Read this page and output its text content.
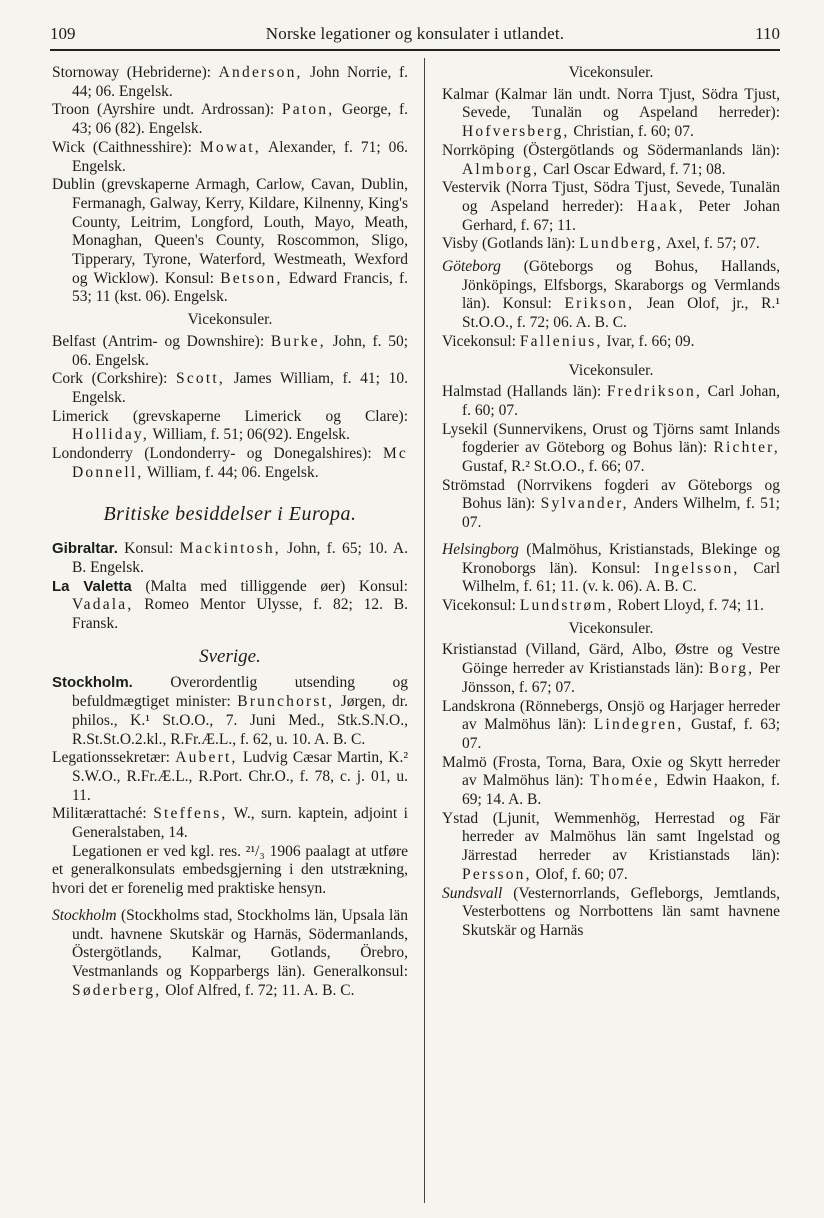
109	Norske legationer og konsulater i utlandet.	110

Stornoway (Hebriderne): Anderson, John Norrie, f. 44; 06. Engelsk.

Troon (Ayrshire undt. Ardrossan): Paton, George, f. 43; 06 (82). Engelsk.

Wick (Caithnesshire): Mowat, Alexander, f. 71; 06. Engelsk.

Dublin (grevskaperne Armagh, Carlow, Cavan, Dublin, Fermanagh, Galway, Kerry, Kildare, Kilnenny, King's County, Leitrim, Longford, Louth, Mayo, Meath, Monaghan, Queen's County, Roscommon, Sligo, Tipperary, Tyrone, Waterford, Westmeath, Wexford og Wicklow). Konsul: Betson, Edward Francis, f. 53; 11 (kst. 06). Engelsk.

Vicekonsuler.

Belfast (Antrim- og Downshire): Burke, John, f. 50; 06. Engelsk.

Cork (Corkshire): Scott, James William, f. 41; 10. Engelsk.

Limerick (grevskaperne Limerick og Clare): Holliday, William, f. 51; 06(92). Engelsk.

Londonderry (Londonderry- og Donegalshires): Mc Donnell, William, f. 44; 06. Engelsk.

Britiske besiddelser i Europa.

Gibraltar. Konsul: Mackintosh, John, f. 65; 10. A. B. Engelsk.

La Valetta (Malta med tilliggende øer) Konsul: Vadala, Romeo Mentor Ulysse, f. 82; 12. B. Fransk.

Sverige.

Stockholm. Overordentlig utsending og befuldmægtiget minister: Brunchorst, Jørgen, dr. philos., K.¹ St.O.O., 7. Juni Med., Stk.S.N.O., R.St.St.O.2.kl., R.Fr.Æ.L., f. 62, u. 10. A. B. C.

Legationssekretær: Aubert, Ludvig Cæsar Martin, K.² S.W.O., R.Fr.Æ.L., R.Port. Chr.O., f. 78, c. j. 01, u. 11.

Militærattaché: Steffens, W., surn. kaptein, adjoint i Generalstaben, 14.

Legationen er ved kgl. res. ²¹/₃ 1906 paalagt at utføre et generalkonsulats embedsgjerning i den utstrækning, hvori det er forenelig med praktiske hensyn.

Stockholm (Stockholms stad, Stockholms län, Upsala län undt. havnene Skutskär og Harnäs, Södermanlands, Östergötlands, Kalmar, Gotlands, Örebro, Vestmanlands og Kopparbergs län). Generalkonsul: Søderberg, Olof Alfred, f. 72; 11. A. B. C.

Vicekonsuler.

Kalmar (Kalmar län undt. Norra Tjust, Södra Tjust, Sevede, Tunalän og Aspeland herreder): Hofversberg, Christian, f. 60; 07.

Norrköping (Östergötlands og Södermanlands län): Almborg, Carl Oscar Edward, f. 71; 08.

Vestervik (Norra Tjust, Södra Tjust, Sevede, Tunalän og Aspeland herreder): Haak, Peter Johan Gerhard, f. 67; 11.

Visby (Gotlands län): Lundberg, Axel, f. 57; 07.

Göteborg (Göteborgs og Bohus, Hallands, Jönköpings, Elfsborgs, Skaraborgs og Vermlands län). Konsul: Erikson, Jean Olof, jr., R.¹ St.O.O., f. 72; 06. A. B. C.

Vicekonsul: Fallenius, Ivar, f. 66; 09.

Vicekonsuler.

Halmstad (Hallands län): Fredrikson, Carl Johan, f. 60; 07.

Lysekil (Sunnervikens, Orust og Tjörns samt Inlands fogderier av Göteborg og Bohus län): Richter, Gustaf, R.² St.O.O., f. 66; 07.

Strömstad (Norrvikens fogderi av Göteborgs og Bohus län): Sylvander, Anders Wilhelm, f. 51; 07.

Helsingborg (Malmöhus, Kristianstads, Blekinge og Kronoborgs län). Konsul: Ingelsson, Carl Wilhelm, f. 61; 11. (v. k. 06). A. B. C.

Vicekonsul: Lundstrøm, Robert Lloyd, f. 74; 11.

Vicekonsuler.

Kristianstad (Villand, Gärd, Albo, Østre og Vestre Göinge herreder av Kristianstads län): Borg, Per Jönsson, f. 67; 07.

Landskrona (Rönnebergs, Onsjö og Harjager herreder av Malmöhus län): Lindegren, Gustaf, f. 63; 07.

Malmö (Frosta, Torna, Bara, Oxie og Skytt herreder av Malmöhus län): Thomée, Edwin Haakon, f. 69; 14. A. B.

Ystad (Ljunit, Wemmenhög, Herrestad og Fär herreder av Malmöhus län samt Ingelstad og Järrestad herreder av Kristianstads län): Persson, Olof, f. 60; 07.

Sundsvall (Vesternorrlands, Gefleborgs, Jemtlands, Vesterbottens og Norrbottens län samt havnene Skutskär og Harnäs
